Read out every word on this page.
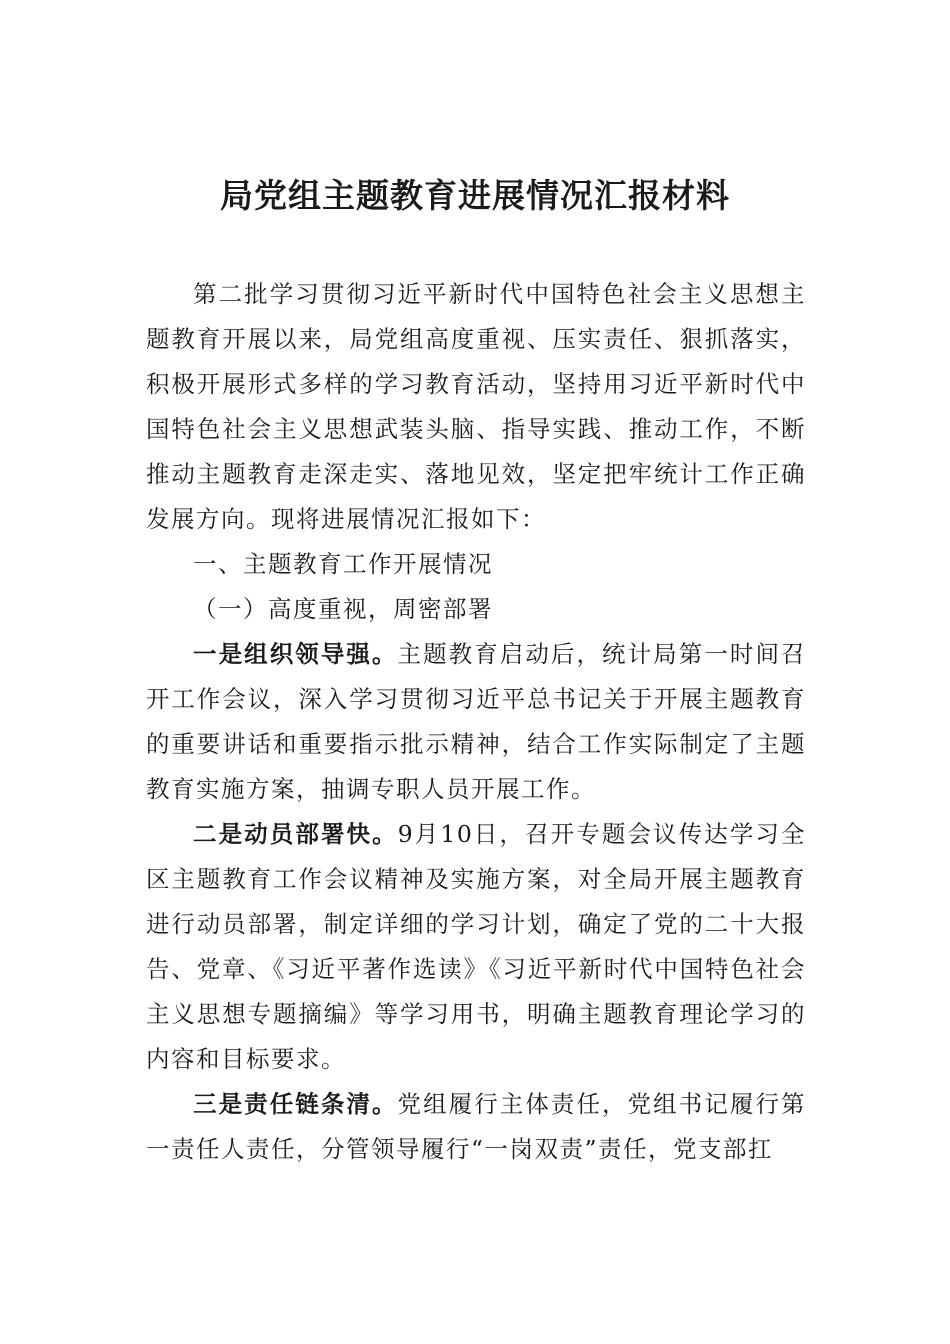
局党组主题教育进展情况汇报材料

第二批学习贯彻习近平新时代中国特色社会主义思想主题教育开展以来，局党组高度重视、压实责任、狠抓落实，积极开展形式多样的学习教育活动，坚持用习近平新时代中国特色社会主义思想武装头脑、指导实践、推动工作，不断推动主题教育走深走实、落地见效，坚定把牢统计工作正确发展方向。现将进展情况汇报如下：

一、主题教育工作开展情况

（一）高度重视，周密部署

一是组织领导强。主题教育启动后，统计局第一时间召开工作会议，深入学习贯彻习近平总书记关于开展主题教育的重要讲话和重要指示批示精神，结合工作实际制定了主题教育实施方案，抽调专职人员开展工作。

二是动员部署快。9月10日，召开专题会议传达学习全区主题教育工作会议精神及实施方案，对全局开展主题教育进行动员部署，制定详细的学习计划，确定了党的二十大报告、党章、《习近平著作选读》《习近平新时代中国特色社会主义思想专题摘编》等学习用书，明确主题教育理论学习的内容和目标要求。

三是责任链条清。党组履行主体责任，党组书记履行第一责任人责任，分管领导履行“一岗双责”责任，党支部扛
